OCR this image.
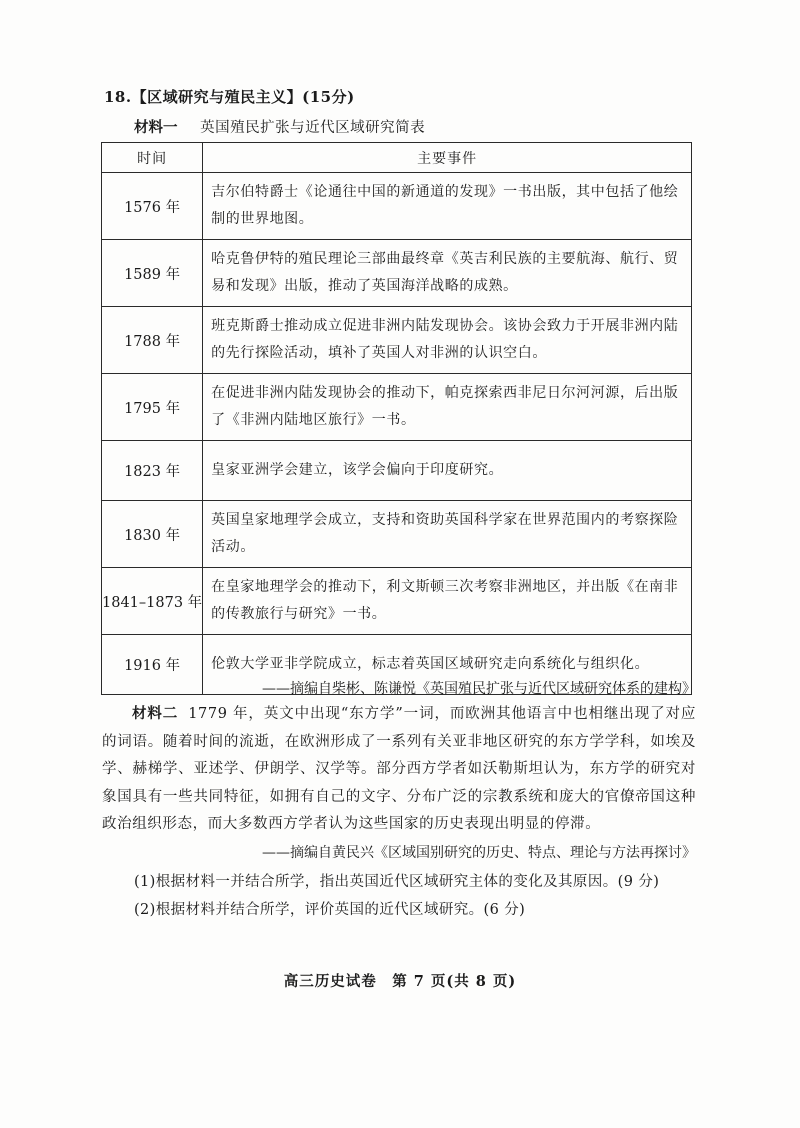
18.【区域研究与殖民主义】(15分)
材料一 英国殖民扩张与近代区域研究简表
时间	主要事件
1576 年	吉尔伯特爵士《论通往中国的新通道的发现》一书出版，其中包括了他绘制的世界地图。
1589 年	哈克鲁伊特的殖民理论三部曲最终章《英吉利民族的主要航海、航行、贸易和发现》出版，推动了英国海洋战略的成熟。
1788 年	班克斯爵士推动成立促进非洲内陆发现协会。该协会致力于开展非洲内陆的先行探险活动，填补了英国人对非洲的认识空白。
1795 年	在促进非洲内陆发现协会的推动下，帕克探索西非尼日尔河河源，后出版了《非洲内陆地区旅行》一书。
1823 年	皇家亚洲学会建立，该学会偏向于印度研究。
1830 年	英国皇家地理学会成立，支持和资助英国科学家在世界范围内的考察探险活动。
1841–1873 年	在皇家地理学会的推动下，利文斯顿三次考察非洲地区，并出版《在南非的传教旅行与研究》一书。
1916 年	伦敦大学亚非学院成立，标志着英国区域研究走向系统化与组织化。
——摘编自柴彬、陈谦悦《英国殖民扩张与近代区域研究体系的建构》
材料二 1779 年，英文中出现“东方学”一词，而欧洲其他语言中也相继出现了对应的词语。随着时间的流逝，在欧洲形成了一系列有关亚非地区研究的东方学学科，如埃及学、赫梯学、亚述学、伊朗学、汉学等。部分西方学者如沃勒斯坦认为，东方学的研究对象国具有一些共同特征，如拥有自己的文字、分布广泛的宗教系统和庞大的官僚帝国这种政治组织形态，而大多数西方学者认为这些国家的历史表现出明显的停滞。
——摘编自黄民兴《区域国别研究的历史、特点、理论与方法再探讨》
(1)根据材料一并结合所学，指出英国近代区域研究主体的变化及其原因。(9 分)
(2)根据材料并结合所学，评价英国的近代区域研究。(6 分)
高三历史试卷　第 7 页(共 8 页)
